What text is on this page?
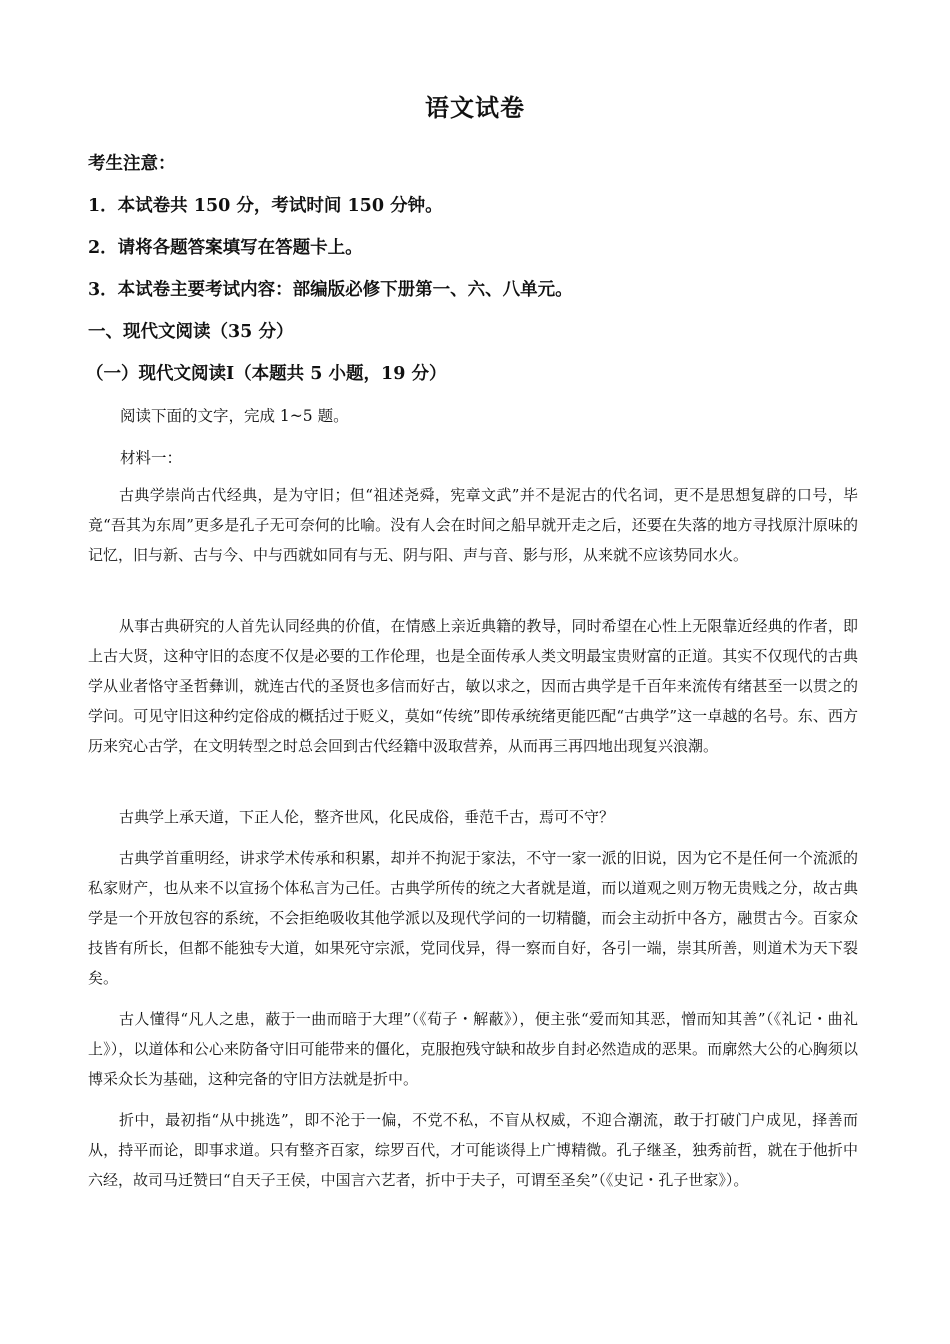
语文试卷
考生注意：
1．本试卷共 150 分，考试时间 150 分钟。
2．请将各题答案填写在答题卡上。
3．本试卷主要考试内容：部编版必修下册第一、六、八单元。
一、现代文阅读（35 分）
（一）现代文阅读Ⅰ（本题共 5 小题，19 分）
阅读下面的文字，完成 1~5 题。
材料一：

古典学崇尚古代经典，是为守旧；但“祖述尧舜，宪章文武”并不是泥古的代名词，更不是思想复辟的口号，毕竟“吾其为东周”更多是孔子无可奈何的比喻。没有人会在时间之船早就开走之后，还要在失落的地方寻找原汁原味的记忆，旧与新、古与今、中与西就如同有与无、阴与阳、声与音、影与形，从来就不应该势同水火。

从事古典研究的人首先认同经典的价值，在情感上亲近典籍的教导，同时希望在心性上无限靠近经典的作者，即上古大贤，这种守旧的态度不仅是必要的工作伦理，也是全面传承人类文明最宝贵财富的正道。其实不仅现代的古典学从业者恪守圣哲彝训，就连古代的圣贤也多信而好古，敏以求之，因而古典学是千百年来流传有绪甚至一以贯之的学问。可见守旧这种约定俗成的概括过于贬义，莫如“传统”即传承统绪更能匹配“古典学”这一卓越的名号。东、西方历来究心古学，在文明转型之时总会回到古代经籍中汲取营养，从而再三再四地出现复兴浪潮。

古典学上承天道，下正人伦，整齐世风，化民成俗，垂范千古，焉可不守？

古典学首重明经，讲求学术传承和积累，却并不拘泥于家法，不守一家一派的旧说，因为它不是任何一个流派的私家财产，也从来不以宣扬个体私言为己任。古典学所传的统之大者就是道，而以道观之则万物无贵贱之分，故古典学是一个开放包容的系统，不会拒绝吸收其他学派以及现代学问的一切精髓，而会主动折中各方，融贯古今。百家众技皆有所长，但都不能独专大道，如果死守宗派，党同伐异，得一察而自好，各引一端，崇其所善，则道术为天下裂矣。

古人懂得“凡人之患，蔽于一曲而暗于大理”（《荀子・解蔽》），便主张“爱而知其恶，憎而知其善”（《礼记・曲礼上》），以道体和公心来防备守旧可能带来的僵化，克服抱残守缺和故步自封必然造成的恶果。而廓然大公的心胸须以博采众长为基础，这种完备的守旧方法就是折中。

折中，最初指“从中挑选”，即不沦于一偏，不党不私，不盲从权威，不迎合潮流，敢于打破门户成见，择善而从，持平而论，即事求道。只有整齐百家，综罗百代，才可能谈得上广博精微。孔子继圣，独秀前哲，就在于他折中六经，故司马迁赞曰“自天子王侯，中国言六艺者，折中于夫子，可谓至圣矣”（《史记・孔子世家》）。
